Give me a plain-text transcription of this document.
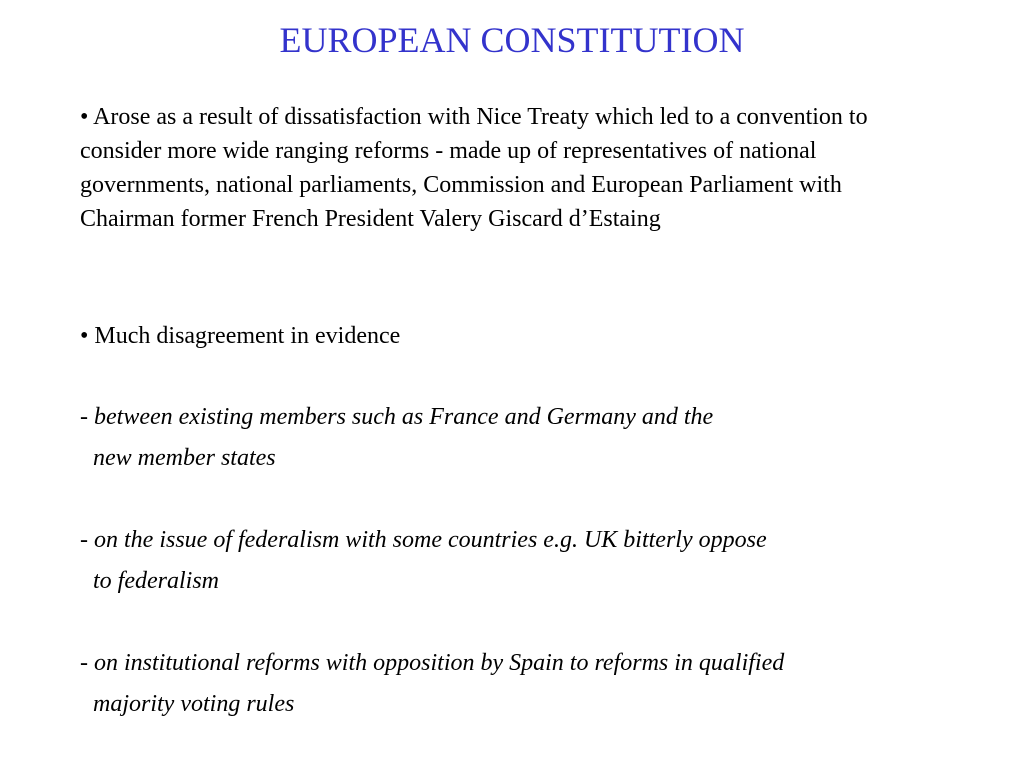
EUROPEAN CONSTITUTION

• Arose as a result of dissatisfaction with Nice Treaty which led to a convention to consider more wide ranging reforms - made up of representatives of national governments, national parliaments, Commission and European Parliament with Chairman former French President Valery Giscard d’Estaing

• Much disagreement in evidence

- between existing members such as France and Germany and the
new member states
- on the issue of federalism with some countries e.g. UK bitterly oppose
to federalism
- on institutional reforms with opposition by Spain to reforms in qualified
majority voting rules
